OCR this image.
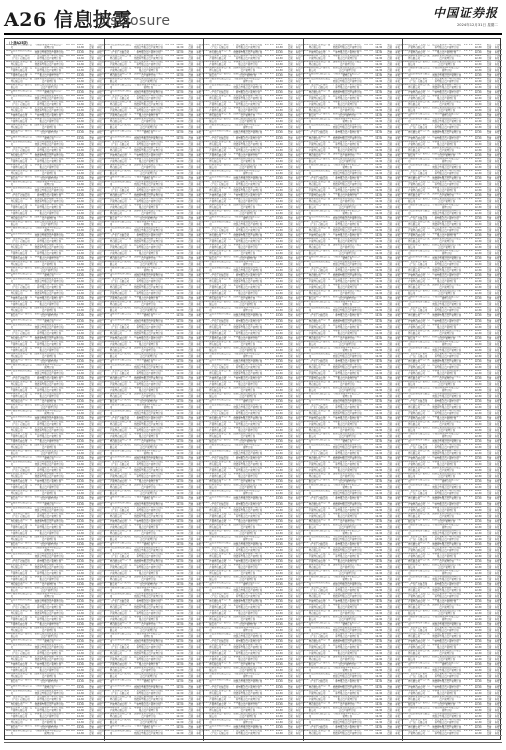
A26 信息披露
Disclosure	中国证券报
2024年12月31日 星期二
（上接A25版）
228 中邮证券有限责任公司
中邮证券聚享1号集合资产管理计划
0.0 0.0 2024-12-30
集合资管
中国证券报
228 中信证券股份有限公司
中信证券卓越成长两年持有期混合型集合资产管理计划
0.0 0.0 2024-12-30
集合资管
中国证券报
228 广发证券资产管理（广东）有限公司
广发资管乾利一年持有期债券型集合资产管理计划
0.0 0.0 2024-12-30
集合资管
中国证券报
228 东证融汇证券资产管理有限公司
东证融汇鑫享稳健一年持有期债券型集合资产管理计划
0.0 0.0 2024-12-30
集合资管
中国证券报
228 长江证券（上海）资产管理有限公司
长江资管乐享一年持有期债券型集合资产管理计划
0.0 0.0 2024-12-30
集合资管
中国证券报
228 华泰证券（上海）资产管理有限公司
华泰紫金月月发短债债券型集合资产管理计划
0.0 0.0 2024-12-30
集合资管
中国证券报
228 国泰君安证券资产管理有限公司
国泰君安君得明混合型集合资产管理计划
0.0 0.0 2024-12-30
集合资管
中国证券报
228 招商证券资产管理有限公司
招商资管智远成长混合型集合资产管理计划
0.0 0.0 2024-12-30
集合资管
中国证券报
228 中邮证券有限责任公司
中邮证券聚享1号集合资产管理计划
0.0 0.0 2024-12-30
集合资管
中国证券报
228 中信证券股份有限公司
中信证券卓越成长两年持有期混合型集合资产管理计划
0.0 0.0 2024-12-30
集合资管
中国证券报
228 广发证券资产管理（广东）有限公司
广发资管乾利一年持有期债券型集合资产管理计划
0.0 0.0 2024-12-30
集合资管
中国证券报
228 东证融汇证券资产管理有限公司
东证融汇鑫享稳健一年持有期债券型集合资产管理计划
0.0 0.0 2024-12-30
集合资管
中国证券报
228 长江证券（上海）资产管理有限公司
长江资管乐享一年持有期债券型集合资产管理计划
0.0 0.0 2024-12-30
集合资管
中国证券报
228 华泰证券（上海）资产管理有限公司
华泰紫金月月发短债债券型集合资产管理计划
0.0 0.0 2024-12-30
集合资管
中国证券报
228 国泰君安证券资产管理有限公司
国泰君安君得明混合型集合资产管理计划
0.0 0.0 2024-12-30
集合资管
中国证券报
228 招商证券资产管理有限公司
招商资管智远成长混合型集合资产管理计划
0.0 0.0 2024-12-30
集合资管
中国证券报
228 中邮证券有限责任公司
中邮证券聚享1号集合资产管理计划
0.0 0.0 2024-12-30
集合资管
中国证券报
228 中信证券股份有限公司
中信证券卓越成长两年持有期混合型集合资产管理计划
0.0 0.0 2024-12-30
集合资管
中国证券报
228 广发证券资产管理（广东）有限公司
广发资管乾利一年持有期债券型集合资产管理计划
0.0 0.0 2024-12-30
集合资管
中国证券报
228 东证融汇证券资产管理有限公司
东证融汇鑫享稳健一年持有期债券型集合资产管理计划
0.0 0.0 2024-12-30
集合资管
中国证券报
228 长江证券（上海）资产管理有限公司
长江资管乐享一年持有期债券型集合资产管理计划
0.0 0.0 2024-12-30
集合资管
中国证券报
228 华泰证券（上海）资产管理有限公司
华泰紫金月月发短债债券型集合资产管理计划
0.0 0.0 2024-12-30
集合资管
中国证券报
228 国泰君安证券资产管理有限公司
国泰君安君得明混合型集合资产管理计划
0.0 0.0 2024-12-30
集合资管
中国证券报
228 招商证券资产管理有限公司
招商资管智远成长混合型集合资产管理计划
0.0 0.0 2024-12-30
集合资管
中国证券报
228 中邮证券有限责任公司
中邮证券聚享1号集合资产管理计划
0.0 0.0 2024-12-30
集合资管
中国证券报
228 中信证券股份有限公司
中信证券卓越成长两年持有期混合型集合资产管理计划
0.0 0.0 2024-12-30
集合资管
中国证券报
228 广发证券资产管理（广东）有限公司
广发资管乾利一年持有期债券型集合资产管理计划
0.0 0.0 2024-12-30
集合资管
中国证券报
228 东证融汇证券资产管理有限公司
东证融汇鑫享稳健一年持有期债券型集合资产管理计划
0.0 0.0 2024-12-30
集合资管
中国证券报
228 长江证券（上海）资产管理有限公司
长江资管乐享一年持有期债券型集合资产管理计划
0.0 0.0 2024-12-30
集合资管
中国证券报
228 华泰证券（上海）资产管理有限公司
华泰紫金月月发短债债券型集合资产管理计划
0.0 0.0 2024-12-30
集合资管
中国证券报
228 国泰君安证券资产管理有限公司
国泰君安君得明混合型集合资产管理计划
0.0 0.0 2024-12-30
集合资管
中国证券报
228 招商证券资产管理有限公司
招商资管智远成长混合型集合资产管理计划
0.0 0.0 2024-12-30
集合资管
中国证券报
228 中邮证券有限责任公司
中邮证券聚享1号集合资产管理计划
0.0 0.0 2024-12-30
集合资管
中国证券报
228 中信证券股份有限公司
中信证券卓越成长两年持有期混合型集合资产管理计划
0.0 0.0 2024-12-30
集合资管
中国证券报
228 广发证券资产管理（广东）有限公司
广发资管乾利一年持有期债券型集合资产管理计划
0.0 0.0 2024-12-30
集合资管
中国证券报
228 东证融汇证券资产管理有限公司
东证融汇鑫享稳健一年持有期债券型集合资产管理计划
0.0 0.0 2024-12-30
集合资管
中国证券报
228 长江证券（上海）资产管理有限公司
长江资管乐享一年持有期债券型集合资产管理计划
0.0 0.0 2024-12-30
集合资管
中国证券报
228 华泰证券（上海）资产管理有限公司
华泰紫金月月发短债债券型集合资产管理计划
0.0 0.0 2024-12-30
集合资管
中国证券报
228 国泰君安证券资产管理有限公司
国泰君安君得明混合型集合资产管理计划
0.0 0.0 2024-12-30
集合资管
中国证券报
228 招商证券资产管理有限公司
招商资管智远成长混合型集合资产管理计划
0.0 0.0 2024-12-30
集合资管
中国证券报
228 中邮证券有限责任公司
中邮证券聚享1号集合资产管理计划
0.0 0.0 2024-12-30
集合资管
中国证券报
228 中信证券股份有限公司
中信证券卓越成长两年持有期混合型集合资产管理计划
0.0 0.0 2024-12-30
集合资管
中国证券报
228 广发证券资产管理（广东）有限公司
广发资管乾利一年持有期债券型集合资产管理计划
0.0 0.0 2024-12-30
集合资管
中国证券报
228 东证融汇证券资产管理有限公司
东证融汇鑫享稳健一年持有期债券型集合资产管理计划
0.0 0.0 2024-12-30
集合资管
中国证券报
228 长江证券（上海）资产管理有限公司
长江资管乐享一年持有期债券型集合资产管理计划
0.0 0.0 2024-12-30
集合资管
中国证券报
228 华泰证券（上海）资产管理有限公司
华泰紫金月月发短债债券型集合资产管理计划
0.0 0.0 2024-12-30
集合资管
中国证券报
228 国泰君安证券资产管理有限公司
国泰君安君得明混合型集合资产管理计划
0.0 0.0 2024-12-30
集合资管
中国证券报
228 招商证券资产管理有限公司
招商资管智远成长混合型集合资产管理计划
0.0 0.0 2024-12-30
集合资管
中国证券报
228 中邮证券有限责任公司
中邮证券聚享1号集合资产管理计划
0.0 0.0 2024-12-30
集合资管
中国证券报
228 中信证券股份有限公司
中信证券卓越成长两年持有期混合型集合资产管理计划
0.0 0.0 2024-12-30
集合资管
中国证券报
228 广发证券资产管理（广东）有限公司
广发资管乾利一年持有期债券型集合资产管理计划
0.0 0.0 2024-12-30
集合资管
中国证券报
228 东证融汇证券资产管理有限公司
东证融汇鑫享稳健一年持有期债券型集合资产管理计划
0.0 0.0 2024-12-30
集合资管
中国证券报
228 长江证券（上海）资产管理有限公司
长江资管乐享一年持有期债券型集合资产管理计划
0.0 0.0 2024-12-30
集合资管
中国证券报
228 华泰证券（上海）资产管理有限公司
华泰紫金月月发短债债券型集合资产管理计划
0.0 0.0 2024-12-30
集合资管
中国证券报
228 国泰君安证券资产管理有限公司
国泰君安君得明混合型集合资产管理计划
0.0 0.0 2024-12-30
集合资管
中国证券报
228 招商证券资产管理有限公司
招商资管智远成长混合型集合资产管理计划
0.0 0.0 2024-12-30
集合资管
中国证券报
228 中邮证券有限责任公司
中邮证券聚享1号集合资产管理计划
0.0 0.0 2024-12-30
集合资管
中国证券报
228 中信证券股份有限公司
中信证券卓越成长两年持有期混合型集合资产管理计划
0.0 0.0 2024-12-30
集合资管
中国证券报
228 广发证券资产管理（广东）有限公司
广发资管乾利一年持有期债券型集合资产管理计划
0.0 0.0 2024-12-30
集合资管
中国证券报
228 东证融汇证券资产管理有限公司
东证融汇鑫享稳健一年持有期债券型集合资产管理计划
0.0 0.0 2024-12-30
集合资管
中国证券报
228 长江证券（上海）资产管理有限公司
长江资管乐享一年持有期债券型集合资产管理计划
0.0 0.0 2024-12-30
集合资管
中国证券报
228 华泰证券（上海）资产管理有限公司
华泰紫金月月发短债债券型集合资产管理计划
0.0 0.0 2024-12-30
集合资管
中国证券报
228 国泰君安证券资产管理有限公司
国泰君安君得明混合型集合资产管理计划
0.0 0.0 2024-12-30
集合资管
中国证券报
228 招商证券资产管理有限公司
招商资管智远成长混合型集合资产管理计划
0.0 0.0 2024-12-30
集合资管
中国证券报
228 中邮证券有限责任公司
中邮证券聚享1号集合资产管理计划
0.0 0.0 2024-12-30
集合资管
中国证券报
228 中信证券股份有限公司
中信证券卓越成长两年持有期混合型集合资产管理计划
0.0 0.0 2024-12-30
集合资管
中国证券报
228 广发证券资产管理（广东）有限公司
广发资管乾利一年持有期债券型集合资产管理计划
0.0 0.0 2024-12-30
集合资管
中国证券报
228 东证融汇证券资产管理有限公司
东证融汇鑫享稳健一年持有期债券型集合资产管理计划
0.0 0.0 2024-12-30
集合资管
中国证券报
228 长江证券（上海）资产管理有限公司
长江资管乐享一年持有期债券型集合资产管理计划
0.0 0.0 2024-12-30
集合资管
中国证券报
228 华泰证券（上海）资产管理有限公司
华泰紫金月月发短债债券型集合资产管理计划
0.0 0.0 2024-12-30
集合资管
中国证券报
228 国泰君安证券资产管理有限公司
国泰君安君得明混合型集合资产管理计划
0.0 0.0 2024-12-30
集合资管
中国证券报
228 招商证券资产管理有限公司
招商资管智远成长混合型集合资产管理计划
0.0 0.0 2024-12-30
集合资管
中国证券报
228 中邮证券有限责任公司
中邮证券聚享1号集合资产管理计划
0.0 0.0 2024-12-30
集合资管
中国证券报
228 中信证券股份有限公司
中信证券卓越成长两年持有期混合型集合资产管理计划
0.0 0.0 2024-12-30
集合资管
中国证券报
228 广发证券资产管理（广东）有限公司
广发资管乾利一年持有期债券型集合资产管理计划
0.0 0.0 2024-12-30
集合资管
中国证券报
228 东证融汇证券资产管理有限公司
东证融汇鑫享稳健一年持有期债券型集合资产管理计划
0.0 0.0 2024-12-30
集合资管
中国证券报
228 长江证券（上海）资产管理有限公司
长江资管乐享一年持有期债券型集合资产管理计划
0.0 0.0 2024-12-30
集合资管
中国证券报
228 华泰证券（上海）资产管理有限公司
华泰紫金月月发短债债券型集合资产管理计划
0.0 0.0 2024-12-30
集合资管
中国证券报
228 国泰君安证券资产管理有限公司
国泰君安君得明混合型集合资产管理计划
0.0 0.0 2024-12-30
集合资管
中国证券报
228 招商证券资产管理有限公司
招商资管智远成长混合型集合资产管理计划
0.0 0.0 2024-12-30
集合资管
中国证券报
228 中邮证券有限责任公司
中邮证券聚享1号集合资产管理计划
0.0 0.0 2024-12-30
集合资管
中国证券报
228 中信证券股份有限公司
中信证券卓越成长两年持有期混合型集合资产管理计划
0.0 0.0 2024-12-30
集合资管
中国证券报
228 广发证券资产管理（广东）有限公司
广发资管乾利一年持有期债券型集合资产管理计划
0.0 0.0 2024-12-30
集合资管
中国证券报
228 东证融汇证券资产管理有限公司
东证融汇鑫享稳健一年持有期债券型集合资产管理计划
0.0 0.0 2024-12-30
集合资管
中国证券报
228 长江证券（上海）资产管理有限公司
长江资管乐享一年持有期债券型集合资产管理计划
0.0 0.0 2024-12-30
集合资管
中国证券报
228 华泰证券（上海）资产管理有限公司
华泰紫金月月发短债债券型集合资产管理计划
0.0 0.0 2024-12-30
集合资管
中国证券报
228 国泰君安证券资产管理有限公司
国泰君安君得明混合型集合资产管理计划
0.0 0.0 2024-12-30
集合资管
中国证券报
228 招商证券资产管理有限公司
招商资管智远成长混合型集合资产管理计划
0.0 0.0 2024-12-30
集合资管
中国证券报
228 中邮证券有限责任公司
中邮证券聚享1号集合资产管理计划
0.0 0.0 2024-12-30
集合资管
中国证券报
228 中信证券股份有限公司
中信证券卓越成长两年持有期混合型集合资产管理计划
0.0 0.0 2024-12-30
集合资管
中国证券报
228 广发证券资产管理（广东）有限公司
广发资管乾利一年持有期债券型集合资产管理计划
0.0 0.0 2024-12-30
集合资管
中国证券报
228 东证融汇证券资产管理有限公司
东证融汇鑫享稳健一年持有期债券型集合资产管理计划
0.0 0.0 2024-12-30
集合资管
中国证券报
228 长江证券（上海）资产管理有限公司
长江资管乐享一年持有期债券型集合资产管理计划
0.0 0.0 2024-12-30
集合资管
中国证券报
228 华泰证券（上海）资产管理有限公司
华泰紫金月月发短债债券型集合资产管理计划
0.0 0.0 2024-12-30
集合资管
中国证券报
228 国泰君安证券资产管理有限公司
国泰君安君得明混合型集合资产管理计划
0.0 0.0 2024-12-30
集合资管
中国证券报
228 招商证券资产管理有限公司
招商资管智远成长混合型集合资产管理计划
0.0 0.0 2024-12-30
集合资管
中国证券报
228 中邮证券有限责任公司
中邮证券聚享1号集合资产管理计划
0.0 0.0 2024-12-30
集合资管
中国证券报
228 中信证券股份有限公司
中信证券卓越成长两年持有期混合型集合资产管理计划
0.0 0.0 2024-12-30
集合资管
中国证券报
228 广发证券资产管理（广东）有限公司
广发资管乾利一年持有期债券型集合资产管理计划
0.0 0.0 2024-12-30
集合资管
中国证券报
228 东证融汇证券资产管理有限公司
东证融汇鑫享稳健一年持有期债券型集合资产管理计划
0.0 0.0 2024-12-30
集合资管
中国证券报
228 长江证券（上海）资产管理有限公司
长江资管乐享一年持有期债券型集合资产管理计划
0.0 0.0 2024-12-30
集合资管
中国证券报
228 华泰证券（上海）资产管理有限公司
华泰紫金月月发短债债券型集合资产管理计划
0.0 0.0 2024-12-30
集合资管
中国证券报
228 国泰君安证券资产管理有限公司
国泰君安君得明混合型集合资产管理计划
0.0 0.0 2024-12-30
集合资管
中国证券报
228 招商证券资产管理有限公司
招商资管智远成长混合型集合资产管理计划
0.0 0.0 2024-12-30
集合资管
中国证券报
228 中邮证券有限责任公司
中邮证券聚享1号集合资产管理计划
0.0 0.0 2024-12-30
集合资管
中国证券报
228 中信证券股份有限公司
中信证券卓越成长两年持有期混合型集合资产管理计划
0.0 0.0 2024-12-30
集合资管
中国证券报
228 广发证券资产管理（广东）有限公司
广发资管乾利一年持有期债券型集合资产管理计划
0.0 0.0 2024-12-30
集合资管
中国证券报
228 东证融汇证券资产管理有限公司
东证融汇鑫享稳健一年持有期债券型集合资产管理计划
0.0 0.0 2024-12-30
集合资管
中国证券报
228 长江证券（上海）资产管理有限公司
长江资管乐享一年持有期债券型集合资产管理计划
0.0 0.0 2024-12-30
集合资管
中国证券报
228 华泰证券（上海）资产管理有限公司
华泰紫金月月发短债债券型集合资产管理计划
0.0 0.0 2024-12-30
集合资管
中国证券报
228 国泰君安证券资产管理有限公司
国泰君安君得明混合型集合资产管理计划
0.0 0.0 2024-12-30
集合资管
中国证券报
228 招商证券资产管理有限公司
招商资管智远成长混合型集合资产管理计划
0.0 0.0 2024-12-30
集合资管
中国证券报
228 中邮证券有限责任公司
中邮证券聚享1号集合资产管理计划
0.0 0.0 2024-12-30
集合资管
中国证券报
228 中信证券股份有限公司
中信证券卓越成长两年持有期混合型集合资产管理计划
0.0 0.0 2024-12-30
集合资管
中国证券报
228 广发证券资产管理（广东）有限公司
广发资管乾利一年持有期债券型集合资产管理计划
0.0 0.0 2024-12-30
集合资管
中国证券报
228 东证融汇证券资产管理有限公司
东证融汇鑫享稳健一年持有期债券型集合资产管理计划
0.0 0.0 2024-12-30
集合资管
中国证券报
228 长江证券（上海）资产管理有限公司
长江资管乐享一年持有期债券型集合资产管理计划
0.0 0.0 2024-12-30
集合资管
中国证券报
228 华泰证券（上海）资产管理有限公司
华泰紫金月月发短债债券型集合资产管理计划
0.0 0.0 2024-12-30
集合资管
中国证券报
228 国泰君安证券资产管理有限公司
国泰君安君得明混合型集合资产管理计划
0.0 0.0 2024-12-30
集合资管
中国证券报
228 招商证券资产管理有限公司
招商资管智远成长混合型集合资产管理计划
0.0 0.0 2024-12-30
集合资管
中国证券报
228 中邮证券有限责任公司
中邮证券聚享1号集合资产管理计划
0.0 0.0 2024-12-30
集合资管
中国证券报
228 中信证券股份有限公司
中信证券卓越成长两年持有期混合型集合资产管理计划
0.0 0.0 2024-12-30
集合资管
中国证券报
228 广发证券资产管理（广东）有限公司
广发资管乾利一年持有期债券型集合资产管理计划
0.0 0.0 2024-12-30
集合资管
中国证券报
228 东证融汇证券资产管理有限公司
东证融汇鑫享稳健一年持有期债券型集合资产管理计划
0.0 0.0 2024-12-30
集合资管
中国证券报
228 长江证券（上海）资产管理有限公司
长江资管乐享一年持有期债券型集合资产管理计划
0.0 0.0 2024-12-30
集合资管
中国证券报
228 华泰证券（上海）资产管理有限公司
华泰紫金月月发短债债券型集合资产管理计划
0.0 0.0 2024-12-30
集合资管
中国证券报
228 国泰君安证券资产管理有限公司
国泰君安君得明混合型集合资产管理计划
0.0 0.0 2024-12-30
集合资管
中国证券报
228 招商证券资产管理有限公司
招商资管智远成长混合型集合资产管理计划
0.0 0.0 2024-12-30
集合资管
中国证券报
228 中邮证券有限责任公司
中邮证券聚享1号集合资产管理计划
0.0 0.0 2024-12-30
集合资管
中国证券报
228 中信证券股份有限公司
中信证券卓越成长两年持有期混合型集合资产管理计划
0.0 0.0 2024-12-30
集合资管
中国证券报
228 广发证券资产管理（广东）有限公司
广发资管乾利一年持有期债券型集合资产管理计划
0.0 0.0 2024-12-30
集合资管
中国证券报
228 东证融汇证券资产管理有限公司
东证融汇鑫享稳健一年持有期债券型集合资产管理计划
0.0 0.0 2024-12-30
集合资管
中国证券报
228 长江证券（上海）资产管理有限公司
长江资管乐享一年持有期债券型集合资产管理计划
0.0 0.0 2024-12-30
集合资管
中国证券报
228 华泰证券（上海）资产管理有限公司
华泰紫金月月发短债债券型集合资产管理计划
0.0 0.0 2024-12-30
集合资管
中国证券报
228 国泰君安证券资产管理有限公司
国泰君安君得明混合型集合资产管理计划
0.0 0.0 2024-12-30
集合资管
中国证券报
228 招商证券资产管理有限公司
招商资管智远成长混合型集合资产管理计划
0.0 0.0 2024-12-30
集合资管
中国证券报
228 中邮证券有限责任公司
中邮证券聚享1号集合资产管理计划
0.0 0.0 2024-12-30
集合资管
中国证券报
228 中信证券股份有限公司
中信证券卓越成长两年持有期混合型集合资产管理计划
0.0 0.0 2024-12-30
集合资管
中国证券报
228 广发证券资产管理（广东）有限公司
广发资管乾利一年持有期债券型集合资产管理计划
0.0 0.0 2024-12-30
集合资管
中国证券报
228 东证融汇证券资产管理有限公司
东证融汇鑫享稳健一年持有期债券型集合资产管理计划
0.0 0.0 2024-12-30
集合资管
中国证券报
228 长江证券（上海）资产管理有限公司
长江资管乐享一年持有期债券型集合资产管理计划
0.0 0.0 2024-12-30
集合资管
中国证券报
228 华泰证券（上海）资产管理有限公司
华泰紫金月月发短债债券型集合资产管理计划
0.0 0.0 2024-12-30
集合资管
中国证券报
228 国泰君安证券资产管理有限公司
国泰君安君得明混合型集合资产管理计划
0.0 0.0 2024-12-30
集合资管
中国证券报
228 招商证券资产管理有限公司
招商资管智远成长混合型集合资产管理计划
0.0 0.0 2024-12-30
集合资管
中国证券报
228 中邮证券有限责任公司
中邮证券聚享1号集合资产管理计划
0.0 0.0 2024-12-30
集合资管
中国证券报
228 中信证券股份有限公司
中信证券卓越成长两年持有期混合型集合资产管理计划
0.0 0.0 2024-12-30
集合资管
中国证券报
228 广发证券资产管理（广东）有限公司
广发资管乾利一年持有期债券型集合资产管理计划
0.0 0.0 2024-12-30
集合资管
中国证券报
228 东证融汇证券资产管理有限公司
东证融汇鑫享稳健一年持有期债券型集合资产管理计划
0.0 0.0 2024-12-30
集合资管
中国证券报
228 长江证券（上海）资产管理有限公司
长江资管乐享一年持有期债券型集合资产管理计划
0.0 0.0 2024-12-30
集合资管
中国证券报
228 华泰证券（上海）资产管理有限公司
华泰紫金月月发短债债券型集合资产管理计划
0.0 0.0 2024-12-30
集合资管
中国证券报
228 国泰君安证券资产管理有限公司
国泰君安君得明混合型集合资产管理计划
0.0 0.0 2024-12-30
集合资管
中国证券报
228 招商证券资产管理有限公司
招商资管智远成长混合型集合资产管理计划
0.0 0.0 2024-12-30
集合资管
中国证券报
228 中邮证券有限责任公司
中邮证券聚享1号集合资产管理计划
0.0 0.0 2024-12-30
集合资管
中国证券报
228 中信证券股份有限公司
中信证券卓越成长两年持有期混合型集合资产管理计划
0.0 0.0 2024-12-30
集合资管
中国证券报
228 广发证券资产管理（广东）有限公司
广发资管乾利一年持有期债券型集合资产管理计划
0.0 0.0 2024-12-30
集合资管
中国证券报
228 东证融汇证券资产管理有限公司
东证融汇鑫享稳健一年持有期债券型集合资产管理计划
0.0 0.0 2024-12-30
集合资管
中国证券报
228 长江证券（上海）资产管理有限公司
长江资管乐享一年持有期债券型集合资产管理计划
0.0 0.0 2024-12-30
集合资管
中国证券报
228 华泰证券（上海）资产管理有限公司
华泰紫金月月发短债债券型集合资产管理计划
0.0 0.0 2024-12-30
集合资管
中国证券报
228 国泰君安证券资产管理有限公司
国泰君安君得明混合型集合资产管理计划
0.0 0.0 2024-12-30
集合资管
中国证券报
228 招商证券资产管理有限公司
招商资管智远成长混合型集合资产管理计划
0.0 0.0 2024-12-30
集合资管
中国证券报
228 中邮证券有限责任公司
中邮证券聚享1号集合资产管理计划
0.0 0.0 2024-12-30
集合资管
中国证券报
228 中信证券股份有限公司
中信证券卓越成长两年持有期混合型集合资产管理计划
0.0 0.0 2024-12-30
集合资管
中国证券报
228 广发证券资产管理（广东）有限公司
广发资管乾利一年持有期债券型集合资产管理计划
0.0 0.0 2024-12-30
集合资管
中国证券报
228 东证融汇证券资产管理有限公司
东证融汇鑫享稳健一年持有期债券型集合资产管理计划
0.0 0.0 2024-12-30
集合资管
中国证券报
228 长江证券（上海）资产管理有限公司
长江资管乐享一年持有期债券型集合资产管理计划
0.0 0.0 2024-12-30
集合资管
中国证券报
228 华泰证券（上海）资产管理有限公司
华泰紫金月月发短债债券型集合资产管理计划
0.0 0.0 2024-12-30
集合资管
中国证券报
228 国泰君安证券资产管理有限公司
国泰君安君得明混合型集合资产管理计划
0.0 0.0 2024-12-30
集合资管
中国证券报
228 招商证券资产管理有限公司
招商资管智远成长混合型集合资产管理计划
0.0 0.0 2024-12-30
集合资管
中国证券报
228 中邮证券有限责任公司
中邮证券聚享1号集合资产管理计划
0.0 0.0 2024-12-30
集合资管
中国证券报
228 中信证券股份有限公司
中信证券卓越成长两年持有期混合型集合资产管理计划
0.0 0.0 2024-12-30
集合资管
中国证券报
228 广发证券资产管理（广东）有限公司
广发资管乾利一年持有期债券型集合资产管理计划
0.0 0.0 2024-12-30
集合资管
中国证券报
228 东证融汇证券资产管理有限公司
东证融汇鑫享稳健一年持有期债券型集合资产管理计划
0.0 0.0 2024-12-30
集合资管
中国证券报
228 长江证券（上海）资产管理有限公司
长江资管乐享一年持有期债券型集合资产管理计划
0.0 0.0 2024-12-30
集合资管
中国证券报
228 华泰证券（上海）资产管理有限公司
华泰紫金月月发短债债券型集合资产管理计划
0.0 0.0 2024-12-30
集合资管
中国证券报
228 国泰君安证券资产管理有限公司
国泰君安君得明混合型集合资产管理计划
0.0 0.0 2024-12-30
集合资管
中国证券报
228 招商证券资产管理有限公司
招商资管智远成长混合型集合资产管理计划
0.0 0.0 2024-12-30
集合资管
中国证券报
228 中邮证券有限责任公司
中邮证券聚享1号集合资产管理计划
0.0 0.0 2024-12-30
集合资管
中国证券报
228 中信证券股份有限公司
中信证券卓越成长两年持有期混合型集合资产管理计划
0.0 0.0 2024-12-30
集合资管
中国证券报
228 广发证券资产管理（广东）有限公司
广发资管乾利一年持有期债券型集合资产管理计划
0.0 0.0 2024-12-30
集合资管
中国证券报
228 东证融汇证券资产管理有限公司
东证融汇鑫享稳健一年持有期债券型集合资产管理计划
0.0 0.0 2024-12-30
集合资管
中国证券报
228 长江证券（上海）资产管理有限公司
长江资管乐享一年持有期债券型集合资产管理计划
0.0 0.0 2024-12-30
集合资管
中国证券报
228 华泰证券（上海）资产管理有限公司
华泰紫金月月发短债债券型集合资产管理计划
0.0 0.0 2024-12-30
集合资管
中国证券报
228 国泰君安证券资产管理有限公司
国泰君安君得明混合型集合资产管理计划
0.0 0.0 2024-12-30
集合资管
中国证券报
228 招商证券资产管理有限公司
招商资管智远成长混合型集合资产管理计划
0.0 0.0 2024-12-30
集合资管
中国证券报
228 中邮证券有限责任公司
中邮证券聚享1号集合资产管理计划
0.0 0.0 2024-12-30
集合资管
中国证券报
228 中信证券股份有限公司
中信证券卓越成长两年持有期混合型集合资产管理计划
0.0 0.0 2024-12-30
集合资管
中国证券报
228 广发证券资产管理（广东）有限公司
广发资管乾利一年持有期债券型集合资产管理计划
0.0 0.0 2024-12-30
集合资管
中国证券报
228 东证融汇证券资产管理有限公司
东证融汇鑫享稳健一年持有期债券型集合资产管理计划
0.0 0.0 2024-12-30
集合资管
中国证券报
228 长江证券（上海）资产管理有限公司
长江资管乐享一年持有期债券型集合资产管理计划
0.0 0.0 2024-12-30
集合资管
中国证券报
228 华泰证券（上海）资产管理有限公司
华泰紫金月月发短债债券型集合资产管理计划
0.0 0.0 2024-12-30
集合资管
中国证券报
228 国泰君安证券资产管理有限公司
国泰君安君得明混合型集合资产管理计划
0.0 0.0 2024-12-30
集合资管
中国证券报
228 招商证券资产管理有限公司
招商资管智远成长混合型集合资产管理计划
0.0 0.0 2024-12-30
集合资管
中国证券报
228 中邮证券有限责任公司
中邮证券聚享1号集合资产管理计划
0.0 0.0 2024-12-30
集合资管
中国证券报
228 中信证券股份有限公司
中信证券卓越成长两年持有期混合型集合资产管理计划
0.0 0.0 2024-12-30
集合资管
中国证券报
228 广发证券资产管理（广东）有限公司
广发资管乾利一年持有期债券型集合资产管理计划
0.0 0.0 2024-12-30
集合资管
中国证券报
228 东证融汇证券资产管理有限公司
东证融汇鑫享稳健一年持有期债券型集合资产管理计划
0.0 0.0 2024-12-30
集合资管
中国证券报
228 长江证券（上海）资产管理有限公司
长江资管乐享一年持有期债券型集合资产管理计划
0.0 0.0 2024-12-30
集合资管
中国证券报
228 华泰证券（上海）资产管理有限公司
华泰紫金月月发短债债券型集合资产管理计划
0.0 0.0 2024-12-30
集合资管
中国证券报
228 国泰君安证券资产管理有限公司
国泰君安君得明混合型集合资产管理计划
0.0 0.0 2024-12-30
集合资管
中国证券报
228 招商证券资产管理有限公司
招商资管智远成长混合型集合资产管理计划
0.0 0.0 2024-12-30
集合资管
中国证券报
228 中邮证券有限责任公司
中邮证券聚享1号集合资产管理计划
0.0 0.0 2024-12-30
集合资管
中国证券报
228 中信证券股份有限公司
中信证券卓越成长两年持有期混合型集合资产管理计划
0.0 0.0 2024-12-30
集合资管
中国证券报
228 广发证券资产管理（广东）有限公司
广发资管乾利一年持有期债券型集合资产管理计划
0.0 0.0 2024-12-30
集合资管
中国证券报
228 东证融汇证券资产管理有限公司
东证融汇鑫享稳健一年持有期债券型集合资产管理计划
0.0 0.0 2024-12-30
集合资管
中国证券报
228 长江证券（上海）资产管理有限公司
长江资管乐享一年持有期债券型集合资产管理计划
0.0 0.0 2024-12-30
集合资管
中国证券报
228 华泰证券（上海）资产管理有限公司
华泰紫金月月发短债债券型集合资产管理计划
0.0 0.0 2024-12-30
集合资管
中国证券报
228 国泰君安证券资产管理有限公司
国泰君安君得明混合型集合资产管理计划
0.0 0.0 2024-12-30
集合资管
中国证券报
228 招商证券资产管理有限公司
招商资管智远成长混合型集合资产管理计划
0.0 0.0 2024-12-30
集合资管
中国证券报
228 中邮证券有限责任公司
中邮证券聚享1号集合资产管理计划
0.0 0.0 2024-12-30
集合资管
中国证券报
228 中信证券股份有限公司
中信证券卓越成长两年持有期混合型集合资产管理计划
0.0 0.0 2024-12-30
集合资管
中国证券报
228 广发证券资产管理（广东）有限公司
广发资管乾利一年持有期债券型集合资产管理计划
0.0 0.0 2024-12-30
集合资管
中国证券报
228 东证融汇证券资产管理有限公司
东证融汇鑫享稳健一年持有期债券型集合资产管理计划
0.0 0.0 2024-12-30
集合资管
中国证券报
228 长江证券（上海）资产管理有限公司
长江资管乐享一年持有期债券型集合资产管理计划
0.0 0.0 2024-12-30
集合资管
中国证券报
228 华泰证券（上海）资产管理有限公司
华泰紫金月月发短债债券型集合资产管理计划
0.0 0.0 2024-12-30
集合资管
中国证券报
228 国泰君安证券资产管理有限公司
国泰君安君得明混合型集合资产管理计划
0.0 0.0 2024-12-30
集合资管
中国证券报
228 招商证券资产管理有限公司
招商资管智远成长混合型集合资产管理计划
0.0 0.0 2024-12-30
集合资管
中国证券报
228 中邮证券有限责任公司
中邮证券聚享1号集合资产管理计划
0.0 0.0 2024-12-30
集合资管
中国证券报
228 中信证券股份有限公司
中信证券卓越成长两年持有期混合型集合资产管理计划
0.0 0.0 2024-12-30
集合资管
中国证券报
228 广发证券资产管理（广东）有限公司
广发资管乾利一年持有期债券型集合资产管理计划
0.0 0.0 2024-12-30
集合资管
中国证券报
228 东证融汇证券资产管理有限公司
东证融汇鑫享稳健一年持有期债券型集合资产管理计划
0.0 0.0 2024-12-30
集合资管
中国证券报
228 长江证券（上海）资产管理有限公司
长江资管乐享一年持有期债券型集合资产管理计划
0.0 0.0 2024-12-30
集合资管
中国证券报
228 华泰证券（上海）资产管理有限公司
华泰紫金月月发短债债券型集合资产管理计划
0.0 0.0 2024-12-30
集合资管
中国证券报
228 国泰君安证券资产管理有限公司
国泰君安君得明混合型集合资产管理计划
0.0 0.0 2024-12-30
集合资管
中国证券报
228 招商证券资产管理有限公司
招商资管智远成长混合型集合资产管理计划
0.0 0.0 2024-12-30
集合资管
中国证券报
228 中邮证券有限责任公司
中邮证券聚享1号集合资产管理计划
0.0 0.0 2024-12-30
集合资管
中国证券报
228 中信证券股份有限公司
中信证券卓越成长两年持有期混合型集合资产管理计划
0.0 0.0 2024-12-30
集合资管
中国证券报
228 广发证券资产管理（广东）有限公司
广发资管乾利一年持有期债券型集合资产管理计划
0.0 0.0 2024-12-30
集合资管
中国证券报
228 东证融汇证券资产管理有限公司
东证融汇鑫享稳健一年持有期债券型集合资产管理计划
0.0 0.0 2024-12-30
集合资管
中国证券报
228 长江证券（上海）资产管理有限公司
长江资管乐享一年持有期债券型集合资产管理计划
0.0 0.0 2024-12-30
集合资管
中国证券报
228 华泰证券（上海）资产管理有限公司
华泰紫金月月发短债债券型集合资产管理计划
0.0 0.0 2024-12-30
集合资管
中国证券报
228 国泰君安证券资产管理有限公司
国泰君安君得明混合型集合资产管理计划
0.0 0.0 2024-12-30
集合资管
中国证券报
228 招商证券资产管理有限公司
招商资管智远成长混合型集合资产管理计划
0.0 0.0 2024-12-30
集合资管
中国证券报
228 中邮证券有限责任公司
中邮证券聚享1号集合资产管理计划
0.0 0.0 2024-12-30
集合资管
中国证券报
228 中信证券股份有限公司
中信证券卓越成长两年持有期混合型集合资产管理计划
0.0 0.0 2024-12-30
集合资管
中国证券报
228 广发证券资产管理（广东）有限公司
广发资管乾利一年持有期债券型集合资产管理计划
0.0 0.0 2024-12-30
集合资管
中国证券报
228 东证融汇证券资产管理有限公司
东证融汇鑫享稳健一年持有期债券型集合资产管理计划
0.0 0.0 2024-12-30
集合资管
中国证券报
228 长江证券（上海）资产管理有限公司
长江资管乐享一年持有期债券型集合资产管理计划
0.0 0.0 2024-12-30
集合资管
中国证券报
228 华泰证券（上海）资产管理有限公司
华泰紫金月月发短债债券型集合资产管理计划
0.0 0.0 2024-12-30
集合资管
中国证券报
228 国泰君安证券资产管理有限公司
国泰君安君得明混合型集合资产管理计划
0.0 0.0 2024-12-30
集合资管
中国证券报
228 招商证券资产管理有限公司
招商资管智远成长混合型集合资产管理计划
0.0 0.0 2024-12-30
集合资管
中国证券报
228 中邮证券有限责任公司
中邮证券聚享1号集合资产管理计划
0.0 0.0 2024-12-30
集合资管
中国证券报
228 中信证券股份有限公司
中信证券卓越成长两年持有期混合型集合资产管理计划
0.0 0.0 2024-12-30
集合资管
中国证券报
228 广发证券资产管理（广东）有限公司
广发资管乾利一年持有期债券型集合资产管理计划
0.0 0.0 2024-12-30
集合资管
中国证券报
228 东证融汇证券资产管理有限公司
东证融汇鑫享稳健一年持有期债券型集合资产管理计划
0.0 0.0 2024-12-30
集合资管
中国证券报
228 长江证券（上海）资产管理有限公司
长江资管乐享一年持有期债券型集合资产管理计划
0.0 0.0 2024-12-30
集合资管
中国证券报
228 华泰证券（上海）资产管理有限公司
华泰紫金月月发短债债券型集合资产管理计划
0.0 0.0 2024-12-30
集合资管
中国证券报
228 国泰君安证券资产管理有限公司
国泰君安君得明混合型集合资产管理计划
0.0 0.0 2024-12-30
集合资管
中国证券报
228 招商证券资产管理有限公司
招商资管智远成长混合型集合资产管理计划
0.0 0.0 2024-12-30
集合资管
中国证券报
228 中邮证券有限责任公司
中邮证券聚享1号集合资产管理计划
0.0 0.0 2024-12-30
集合资管
中国证券报
228 中信证券股份有限公司
中信证券卓越成长两年持有期混合型集合资产管理计划
0.0 0.0 2024-12-30
集合资管
中国证券报
228 广发证券资产管理（广东）有限公司
广发资管乾利一年持有期债券型集合资产管理计划
0.0 0.0 2024-12-30
集合资管
中国证券报
228 东证融汇证券资产管理有限公司
东证融汇鑫享稳健一年持有期债券型集合资产管理计划
0.0 0.0 2024-12-30
集合资管
中国证券报
228 长江证券（上海）资产管理有限公司
长江资管乐享一年持有期债券型集合资产管理计划
0.0 0.0 2024-12-30
集合资管
中国证券报
228 华泰证券（上海）资产管理有限公司
华泰紫金月月发短债债券型集合资产管理计划
0.0 0.0 2024-12-30
集合资管
中国证券报
228 国泰君安证券资产管理有限公司
国泰君安君得明混合型集合资产管理计划
0.0 0.0 2024-12-30
集合资管
中国证券报
228 招商证券资产管理有限公司
招商资管智远成长混合型集合资产管理计划
0.0 0.0 2024-12-30
集合资管
中国证券报
228 中邮证券有限责任公司
中邮证券聚享1号集合资产管理计划
0.0 0.0 2024-12-30
集合资管
中国证券报
228 中信证券股份有限公司
中信证券卓越成长两年持有期混合型集合资产管理计划
0.0 0.0 2024-12-30
集合资管
中国证券报
228 广发证券资产管理（广东）有限公司
广发资管乾利一年持有期债券型集合资产管理计划
0.0 0.0 2024-12-30
集合资管
中国证券报
228 东证融汇证券资产管理有限公司
东证融汇鑫享稳健一年持有期债券型集合资产管理计划
0.0 0.0 2024-12-30
集合资管
中国证券报
228 长江证券（上海）资产管理有限公司
长江资管乐享一年持有期债券型集合资产管理计划
0.0 0.0 2024-12-30
集合资管
中国证券报
228 华泰证券（上海）资产管理有限公司
华泰紫金月月发短债债券型集合资产管理计划
0.0 0.0 2024-12-30
集合资管
中国证券报
228 国泰君安证券资产管理有限公司
国泰君安君得明混合型集合资产管理计划
0.0 0.0 2024-12-30
集合资管
中国证券报
228 招商证券资产管理有限公司
招商资管智远成长混合型集合资产管理计划
0.0 0.0 2024-12-30
集合资管
中国证券报
228 中邮证券有限责任公司
中邮证券聚享1号集合资产管理计划
0.0 0.0 2024-12-30
集合资管
中国证券报
228 中信证券股份有限公司
中信证券卓越成长两年持有期混合型集合资产管理计划
0.0 0.0 2024-12-30
集合资管
中国证券报
228 广发证券资产管理（广东）有限公司
广发资管乾利一年持有期债券型集合资产管理计划
0.0 0.0 2024-12-30
集合资管
中国证券报
228 东证融汇证券资产管理有限公司
东证融汇鑫享稳健一年持有期债券型集合资产管理计划
0.0 0.0 2024-12-30
集合资管
中国证券报
228 长江证券（上海）资产管理有限公司
长江资管乐享一年持有期债券型集合资产管理计划
0.0 0.0 2024-12-30
集合资管
中国证券报
228 华泰证券（上海）资产管理有限公司
华泰紫金月月发短债债券型集合资产管理计划
0.0 0.0 2024-12-30
集合资管
中国证券报
228 国泰君安证券资产管理有限公司
国泰君安君得明混合型集合资产管理计划
0.0 0.0 2024-12-30
集合资管
中国证券报
228 招商证券资产管理有限公司
招商资管智远成长混合型集合资产管理计划
0.0 0.0 2024-12-30
集合资管
中国证券报
228 中邮证券有限责任公司
中邮证券聚享1号集合资产管理计划
0.0 0.0 2024-12-30
集合资管
中国证券报
228 中信证券股份有限公司
中信证券卓越成长两年持有期混合型集合资产管理计划
0.0 0.0 2024-12-30
集合资管
中国证券报
228 广发证券资产管理（广东）有限公司
广发资管乾利一年持有期债券型集合资产管理计划
0.0 0.0 2024-12-30
集合资管
中国证券报
228 东证融汇证券资产管理有限公司
东证融汇鑫享稳健一年持有期债券型集合资产管理计划
0.0 0.0 2024-12-30
集合资管
中国证券报
228 长江证券（上海）资产管理有限公司
长江资管乐享一年持有期债券型集合资产管理计划
0.0 0.0 2024-12-30
集合资管
中国证券报
228 华泰证券（上海）资产管理有限公司
华泰紫金月月发短债债券型集合资产管理计划
0.0 0.0 2024-12-30
集合资管
中国证券报
228 国泰君安证券资产管理有限公司
国泰君安君得明混合型集合资产管理计划
0.0 0.0 2024-12-30
集合资管
中国证券报
228 招商证券资产管理有限公司
招商资管智远成长混合型集合资产管理计划
0.0 0.0 2024-12-30
集合资管
中国证券报
228 中邮证券有限责任公司
中邮证券聚享1号集合资产管理计划
0.0 0.0 2024-12-30
集合资管
中国证券报
228 中信证券股份有限公司
中信证券卓越成长两年持有期混合型集合资产管理计划
0.0 0.0 2024-12-30
集合资管
中国证券报
228 广发证券资产管理（广东）有限公司
广发资管乾利一年持有期债券型集合资产管理计划
0.0 0.0 2024-12-30
集合资管
中国证券报
228 东证融汇证券资产管理有限公司
东证融汇鑫享稳健一年持有期债券型集合资产管理计划
0.0 0.0 2024-12-30
集合资管
中国证券报
228 长江证券（上海）资产管理有限公司
长江资管乐享一年持有期债券型集合资产管理计划
0.0 0.0 2024-12-30
集合资管
中国证券报
228 华泰证券（上海）资产管理有限公司
华泰紫金月月发短债债券型集合资产管理计划
0.0 0.0 2024-12-30
集合资管
中国证券报
228 国泰君安证券资产管理有限公司
国泰君安君得明混合型集合资产管理计划
0.0 0.0 2024-12-30
集合资管
中国证券报
228 招商证券资产管理有限公司
招商资管智远成长混合型集合资产管理计划
0.0 0.0 2024-12-30
集合资管
中国证券报
228 中邮证券有限责任公司
中邮证券聚享1号集合资产管理计划
0.0 0.0 2024-12-30
集合资管
中国证券报
228 中信证券股份有限公司
中信证券卓越成长两年持有期混合型集合资产管理计划
0.0 0.0 2024-12-30
集合资管
中国证券报
228 广发证券资产管理（广东）有限公司
广发资管乾利一年持有期债券型集合资产管理计划
0.0 0.0 2024-12-30
集合资管
中国证券报
228 东证融汇证券资产管理有限公司
东证融汇鑫享稳健一年持有期债券型集合资产管理计划
0.0 0.0 2024-12-30
集合资管
中国证券报
228 长江证券（上海）资产管理有限公司
长江资管乐享一年持有期债券型集合资产管理计划
0.0 0.0 2024-12-30
集合资管
中国证券报
228 华泰证券（上海）资产管理有限公司
华泰紫金月月发短债债券型集合资产管理计划
0.0 0.0 2024-12-30
集合资管
中国证券报
228 国泰君安证券资产管理有限公司
国泰君安君得明混合型集合资产管理计划
0.0 0.0 2024-12-30
集合资管
中国证券报
228 招商证券资产管理有限公司
招商资管智远成长混合型集合资产管理计划
0.0 0.0 2024-12-30
集合资管
中国证券报
228 中邮证券有限责任公司
中邮证券聚享1号集合资产管理计划
0.0 0.0 2024-12-30
集合资管
中国证券报
228 中信证券股份有限公司
中信证券卓越成长两年持有期混合型集合资产管理计划
0.0 0.0 2024-12-30
集合资管
中国证券报
228 广发证券资产管理（广东）有限公司
广发资管乾利一年持有期债券型集合资产管理计划
0.0 0.0 2024-12-30
集合资管
中国证券报
228 东证融汇证券资产管理有限公司
东证融汇鑫享稳健一年持有期债券型集合资产管理计划
0.0 0.0 2024-12-30
集合资管
中国证券报
228 长江证券（上海）资产管理有限公司
长江资管乐享一年持有期债券型集合资产管理计划
0.0 0.0 2024-12-30
集合资管
中国证券报
228 华泰证券（上海）资产管理有限公司
华泰紫金月月发短债债券型集合资产管理计划
0.0 0.0 2024-12-30
集合资管
中国证券报
228 国泰君安证券资产管理有限公司
国泰君安君得明混合型集合资产管理计划
0.0 0.0 2024-12-30
集合资管
中国证券报
228 招商证券资产管理有限公司
招商资管智远成长混合型集合资产管理计划
0.0 0.0 2024-12-30
集合资管
中国证券报
228 中邮证券有限责任公司
中邮证券聚享1号集合资产管理计划
0.0 0.0 2024-12-30
集合资管
中国证券报
228 中信证券股份有限公司
中信证券卓越成长两年持有期混合型集合资产管理计划
0.0 0.0 2024-12-30
集合资管
中国证券报
228 广发证券资产管理（广东）有限公司
广发资管乾利一年持有期债券型集合资产管理计划
0.0 0.0 2024-12-30
集合资管
中国证券报
228 东证融汇证券资产管理有限公司
东证融汇鑫享稳健一年持有期债券型集合资产管理计划
0.0 0.0 2024-12-30
集合资管
中国证券报
228 长江证券（上海）资产管理有限公司
长江资管乐享一年持有期债券型集合资产管理计划
0.0 0.0 2024-12-30
集合资管
中国证券报
228 华泰证券（上海）资产管理有限公司
华泰紫金月月发短债债券型集合资产管理计划
0.0 0.0 2024-12-30
集合资管
中国证券报
228 国泰君安证券资产管理有限公司
国泰君安君得明混合型集合资产管理计划
0.0 0.0 2024-12-30
集合资管
中国证券报
228 招商证券资产管理有限公司
招商资管智远成长混合型集合资产管理计划
0.0 0.0 2024-12-30
集合资管
中国证券报
228 中邮证券有限责任公司
中邮证券聚享1号集合资产管理计划
0.0 0.0 2024-12-30
集合资管
中国证券报
228 中信证券股份有限公司
中信证券卓越成长两年持有期混合型集合资产管理计划
0.0 0.0 2024-12-30
集合资管
中国证券报
228 广发证券资产管理（广东）有限公司
广发资管乾利一年持有期债券型集合资产管理计划
0.0 0.0 2024-12-30
集合资管
中国证券报
228 东证融汇证券资产管理有限公司
东证融汇鑫享稳健一年持有期债券型集合资产管理计划
0.0 0.0 2024-12-30
集合资管
中国证券报
228 长江证券（上海）资产管理有限公司
长江资管乐享一年持有期债券型集合资产管理计划
0.0 0.0 2024-12-30
集合资管
中国证券报
228 华泰证券（上海）资产管理有限公司
华泰紫金月月发短债债券型集合资产管理计划
0.0 0.0 2024-12-30
集合资管
中国证券报
228 国泰君安证券资产管理有限公司
国泰君安君得明混合型集合资产管理计划
0.0 0.0 2024-12-30
集合资管
中国证券报
228 招商证券资产管理有限公司
招商资管智远成长混合型集合资产管理计划
0.0 0.0 2024-12-30
集合资管
中国证券报
228 中邮证券有限责任公司
中邮证券聚享1号集合资产管理计划
0.0 0.0 2024-12-30
集合资管
中国证券报
228 中信证券股份有限公司
中信证券卓越成长两年持有期混合型集合资产管理计划
0.0 0.0 2024-12-30
集合资管
中国证券报
228 广发证券资产管理（广东）有限公司
广发资管乾利一年持有期债券型集合资产管理计划
0.0 0.0 2024-12-30
集合资管
中国证券报
228 东证融汇证券资产管理有限公司
东证融汇鑫享稳健一年持有期债券型集合资产管理计划
0.0 0.0 2024-12-30
集合资管
中国证券报
228 长江证券（上海）资产管理有限公司
长江资管乐享一年持有期债券型集合资产管理计划
0.0 0.0 2024-12-30
集合资管
中国证券报
228 华泰证券（上海）资产管理有限公司
华泰紫金月月发短债债券型集合资产管理计划
0.0 0.0 2024-12-30
集合资管
中国证券报
228 国泰君安证券资产管理有限公司
国泰君安君得明混合型集合资产管理计划
0.0 0.0 2024-12-30
集合资管
中国证券报
228 招商证券资产管理有限公司
招商资管智远成长混合型集合资产管理计划
0.0 0.0 2024-12-30
集合资管
中国证券报
228 中邮证券有限责任公司
中邮证券聚享1号集合资产管理计划
0.0 0.0 2024-12-30
集合资管
中国证券报
228 中信证券股份有限公司
中信证券卓越成长两年持有期混合型集合资产管理计划
0.0 0.0 2024-12-30
集合资管
中国证券报
228 广发证券资产管理（广东）有限公司
广发资管乾利一年持有期债券型集合资产管理计划
0.0 0.0 2024-12-30
集合资管
中国证券报
228 东证融汇证券资产管理有限公司
东证融汇鑫享稳健一年持有期债券型集合资产管理计划
0.0 0.0 2024-12-30
集合资管
中国证券报
228 长江证券（上海）资产管理有限公司
长江资管乐享一年持有期债券型集合资产管理计划
0.0 0.0 2024-12-30
集合资管
中国证券报
228 华泰证券（上海）资产管理有限公司
华泰紫金月月发短债债券型集合资产管理计划
0.0 0.0 2024-12-30
集合资管
中国证券报
228 国泰君安证券资产管理有限公司
国泰君安君得明混合型集合资产管理计划
0.0 0.0 2024-12-30
集合资管
中国证券报
228 招商证券资产管理有限公司
招商资管智远成长混合型集合资产管理计划
0.0 0.0 2024-12-30
集合资管
中国证券报
228 中邮证券有限责任公司
中邮证券聚享1号集合资产管理计划
0.0 0.0 2024-12-30
集合资管
中国证券报
228 中信证券股份有限公司
中信证券卓越成长两年持有期混合型集合资产管理计划
0.0 0.0 2024-12-30
集合资管
中国证券报
228 广发证券资产管理（广东）有限公司
广发资管乾利一年持有期债券型集合资产管理计划
0.0 0.0 2024-12-30
集合资管
中国证券报
228 东证融汇证券资产管理有限公司
东证融汇鑫享稳健一年持有期债券型集合资产管理计划
0.0 0.0 2024-12-30
集合资管
中国证券报
228 长江证券（上海）资产管理有限公司
长江资管乐享一年持有期债券型集合资产管理计划
0.0 0.0 2024-12-30
集合资管
中国证券报
228 华泰证券（上海）资产管理有限公司
华泰紫金月月发短债债券型集合资产管理计划
0.0 0.0 2024-12-30
集合资管
中国证券报
228 国泰君安证券资产管理有限公司
国泰君安君得明混合型集合资产管理计划
0.0 0.0 2024-12-30
集合资管
中国证券报
228 招商证券资产管理有限公司
招商资管智远成长混合型集合资产管理计划
0.0 0.0 2024-12-30
集合资管
中国证券报
228 中邮证券有限责任公司
中邮证券聚享1号集合资产管理计划
0.0 0.0 2024-12-30
集合资管
中国证券报
228 中信证券股份有限公司
中信证券卓越成长两年持有期混合型集合资产管理计划
0.0 0.0 2024-12-30
集合资管
中国证券报
228 广发证券资产管理（广东）有限公司
广发资管乾利一年持有期债券型集合资产管理计划
0.0 0.0 2024-12-30
集合资管
中国证券报
228 东证融汇证券资产管理有限公司
东证融汇鑫享稳健一年持有期债券型集合资产管理计划
0.0 0.0 2024-12-30
集合资管
中国证券报
228 长江证券（上海）资产管理有限公司
长江资管乐享一年持有期债券型集合资产管理计划
0.0 0.0 2024-12-30
集合资管
中国证券报
228 华泰证券（上海）资产管理有限公司
华泰紫金月月发短债债券型集合资产管理计划
0.0 0.0 2024-12-30
集合资管
中国证券报
228 国泰君安证券资产管理有限公司
国泰君安君得明混合型集合资产管理计划
0.0 0.0 2024-12-30
集合资管
中国证券报
228 招商证券资产管理有限公司
招商资管智远成长混合型集合资产管理计划
0.0 0.0 2024-12-30
集合资管
中国证券报
228 中邮证券有限责任公司
中邮证券聚享1号集合资产管理计划
0.0 0.0 2024-12-30
集合资管
中国证券报
228 中信证券股份有限公司
中信证券卓越成长两年持有期混合型集合资产管理计划
0.0 0.0 2024-12-30
集合资管
中国证券报
228 广发证券资产管理（广东）有限公司
广发资管乾利一年持有期债券型集合资产管理计划
0.0 0.0 2024-12-30
集合资管
中国证券报
228 东证融汇证券资产管理有限公司
东证融汇鑫享稳健一年持有期债券型集合资产管理计划
0.0 0.0 2024-12-30
集合资管
中国证券报
228 长江证券（上海）资产管理有限公司
长江资管乐享一年持有期债券型集合资产管理计划
0.0 0.0 2024-12-30
集合资管
中国证券报
228 华泰证券（上海）资产管理有限公司
华泰紫金月月发短债债券型集合资产管理计划
0.0 0.0 2024-12-30
集合资管
中国证券报
228 国泰君安证券资产管理有限公司
国泰君安君得明混合型集合资产管理计划
0.0 0.0 2024-12-30
集合资管
中国证券报
228 招商证券资产管理有限公司
招商资管智远成长混合型集合资产管理计划
0.0 0.0 2024-12-30
集合资管
中国证券报
228 中邮证券有限责任公司
中邮证券聚享1号集合资产管理计划
0.0 0.0 2024-12-30
集合资管
中国证券报
228 中信证券股份有限公司
中信证券卓越成长两年持有期混合型集合资产管理计划
0.0 0.0 2024-12-30
集合资管
中国证券报
228 广发证券资产管理（广东）有限公司
广发资管乾利一年持有期债券型集合资产管理计划
0.0 0.0 2024-12-30
集合资管
中国证券报
228 东证融汇证券资产管理有限公司
东证融汇鑫享稳健一年持有期债券型集合资产管理计划
0.0 0.0 2024-12-30
集合资管
中国证券报
228 长江证券（上海）资产管理有限公司
长江资管乐享一年持有期债券型集合资产管理计划
0.0 0.0 2024-12-30
集合资管
中国证券报
228 华泰证券（上海）资产管理有限公司
华泰紫金月月发短债债券型集合资产管理计划
0.0 0.0 2024-12-30
集合资管
中国证券报
228 国泰君安证券资产管理有限公司
国泰君安君得明混合型集合资产管理计划
0.0 0.0 2024-12-30
集合资管
中国证券报
228 招商证券资产管理有限公司
招商资管智远成长混合型集合资产管理计划
0.0 0.0 2024-12-30
集合资管
中国证券报
228 中邮证券有限责任公司
中邮证券聚享1号集合资产管理计划
0.0 0.0 2024-12-30
集合资管
中国证券报
228 中信证券股份有限公司
中信证券卓越成长两年持有期混合型集合资产管理计划
0.0 0.0 2024-12-30
集合资管
中国证券报
228 广发证券资产管理（广东）有限公司
广发资管乾利一年持有期债券型集合资产管理计划
0.0 0.0 2024-12-30
集合资管
中国证券报
228 东证融汇证券资产管理有限公司
东证融汇鑫享稳健一年持有期债券型集合资产管理计划
0.0 0.0 2024-12-30
集合资管
中国证券报
228 长江证券（上海）资产管理有限公司
长江资管乐享一年持有期债券型集合资产管理计划
0.0 0.0 2024-12-30
集合资管
中国证券报
228 华泰证券（上海）资产管理有限公司
华泰紫金月月发短债债券型集合资产管理计划
0.0 0.0 2024-12-30
集合资管
中国证券报
228 国泰君安证券资产管理有限公司
国泰君安君得明混合型集合资产管理计划
0.0 0.0 2024-12-30
集合资管
中国证券报
228 招商证券资产管理有限公司
招商资管智远成长混合型集合资产管理计划
0.0 0.0 2024-12-30
集合资管
中国证券报
228 中邮证券有限责任公司
中邮证券聚享1号集合资产管理计划
0.0 0.0 2024-12-30
集合资管
中国证券报
228 中信证券股份有限公司
中信证券卓越成长两年持有期混合型集合资产管理计划
0.0 0.0 2024-12-30
集合资管
中国证券报
228 广发证券资产管理（广东）有限公司
广发资管乾利一年持有期债券型集合资产管理计划
0.0 0.0 2024-12-30
集合资管
中国证券报
228 东证融汇证券资产管理有限公司
东证融汇鑫享稳健一年持有期债券型集合资产管理计划
0.0 0.0 2024-12-30
集合资管
中国证券报
228 长江证券（上海）资产管理有限公司
长江资管乐享一年持有期债券型集合资产管理计划
0.0 0.0 2024-12-30
集合资管
中国证券报
228 华泰证券（上海）资产管理有限公司
华泰紫金月月发短债债券型集合资产管理计划
0.0 0.0 2024-12-30
集合资管
中国证券报
228 国泰君安证券资产管理有限公司
国泰君安君得明混合型集合资产管理计划
0.0 0.0 2024-12-30
集合资管
中国证券报
228 招商证券资产管理有限公司
招商资管智远成长混合型集合资产管理计划
0.0 0.0 2024-12-30
集合资管
中国证券报
228 中邮证券有限责任公司
中邮证券聚享1号集合资产管理计划
0.0 0.0 2024-12-30
集合资管
中国证券报
228 中信证券股份有限公司
中信证券卓越成长两年持有期混合型集合资产管理计划
0.0 0.0 2024-12-30
集合资管
中国证券报
228 广发证券资产管理（广东）有限公司
广发资管乾利一年持有期债券型集合资产管理计划
0.0 0.0 2024-12-30
集合资管
中国证券报
228 东证融汇证券资产管理有限公司
东证融汇鑫享稳健一年持有期债券型集合资产管理计划
0.0 0.0 2024-12-30
集合资管
中国证券报
228 长江证券（上海）资产管理有限公司
长江资管乐享一年持有期债券型集合资产管理计划
0.0 0.0 2024-12-30
集合资管
中国证券报
228 华泰证券（上海）资产管理有限公司
华泰紫金月月发短债债券型集合资产管理计划
0.0 0.0 2024-12-30
集合资管
中国证券报
228 国泰君安证券资产管理有限公司
国泰君安君得明混合型集合资产管理计划
0.0 0.0 2024-12-30
集合资管
中国证券报
228 招商证券资产管理有限公司
招商资管智远成长混合型集合资产管理计划
0.0 0.0 2024-12-30
集合资管
中国证券报
228 中邮证券有限责任公司
中邮证券聚享1号集合资产管理计划
0.0 0.0 2024-12-30
集合资管
中国证券报
228 中信证券股份有限公司
中信证券卓越成长两年持有期混合型集合资产管理计划
0.0 0.0 2024-12-30
集合资管
中国证券报
228 广发证券资产管理（广东）有限公司
广发资管乾利一年持有期债券型集合资产管理计划
0.0 0.0 2024-12-30
集合资管
中国证券报
228 东证融汇证券资产管理有限公司
东证融汇鑫享稳健一年持有期债券型集合资产管理计划
0.0 0.0 2024-12-30
集合资管
中国证券报
228 长江证券（上海）资产管理有限公司
长江资管乐享一年持有期债券型集合资产管理计划
0.0 0.0 2024-12-30
集合资管
中国证券报
228 华泰证券（上海）资产管理有限公司
华泰紫金月月发短债债券型集合资产管理计划
0.0 0.0 2024-12-30
集合资管
中国证券报
228 国泰君安证券资产管理有限公司
国泰君安君得明混合型集合资产管理计划
0.0 0.0 2024-12-30
集合资管
中国证券报
228 招商证券资产管理有限公司
招商资管智远成长混合型集合资产管理计划
0.0 0.0 2024-12-30
集合资管
中国证券报
228 中邮证券有限责任公司
中邮证券聚享1号集合资产管理计划
0.0 0.0 2024-12-30
集合资管
中国证券报
228 中信证券股份有限公司
中信证券卓越成长两年持有期混合型集合资产管理计划
0.0 0.0 2024-12-30
集合资管
中国证券报
228 广发证券资产管理（广东）有限公司
广发资管乾利一年持有期债券型集合资产管理计划
0.0 0.0 2024-12-30
集合资管
中国证券报
228 东证融汇证券资产管理有限公司
东证融汇鑫享稳健一年持有期债券型集合资产管理计划
0.0 0.0 2024-12-30
集合资管
中国证券报
228 长江证券（上海）资产管理有限公司
长江资管乐享一年持有期债券型集合资产管理计划
0.0 0.0 2024-12-30
集合资管
中国证券报
228 华泰证券（上海）资产管理有限公司
华泰紫金月月发短债债券型集合资产管理计划
0.0 0.0 2024-12-30
集合资管
中国证券报
228 国泰君安证券资产管理有限公司
国泰君安君得明混合型集合资产管理计划
0.0 0.0 2024-12-30
集合资管
中国证券报
228 招商证券资产管理有限公司
招商资管智远成长混合型集合资产管理计划
0.0 0.0 2024-12-30
集合资管
中国证券报
228 中邮证券有限责任公司
中邮证券聚享1号集合资产管理计划
0.0 0.0 2024-12-30
集合资管
中国证券报
228 中信证券股份有限公司
中信证券卓越成长两年持有期混合型集合资产管理计划
0.0 0.0 2024-12-30
集合资管
中国证券报
228 广发证券资产管理（广东）有限公司
广发资管乾利一年持有期债券型集合资产管理计划
0.0 0.0 2024-12-30
集合资管
中国证券报
228 东证融汇证券资产管理有限公司
东证融汇鑫享稳健一年持有期债券型集合资产管理计划
0.0 0.0 2024-12-30
集合资管
中国证券报
228 长江证券（上海）资产管理有限公司
长江资管乐享一年持有期债券型集合资产管理计划
0.0 0.0 2024-12-30
集合资管
中国证券报
228 华泰证券（上海）资产管理有限公司
华泰紫金月月发短债债券型集合资产管理计划
0.0 0.0 2024-12-30
集合资管
中国证券报
228 国泰君安证券资产管理有限公司
国泰君安君得明混合型集合资产管理计划
0.0 0.0 2024-12-30
集合资管
中国证券报
228 招商证券资产管理有限公司
招商资管智远成长混合型集合资产管理计划
0.0 0.0 2024-12-30
集合资管
中国证券报
228 中邮证券有限责任公司
中邮证券聚享1号集合资产管理计划
0.0 0.0 2024-12-30
集合资管
中国证券报
228 中信证券股份有限公司
中信证券卓越成长两年持有期混合型集合资产管理计划
0.0 0.0 2024-12-30
集合资管
中国证券报
228 广发证券资产管理（广东）有限公司
广发资管乾利一年持有期债券型集合资产管理计划
0.0 0.0 2024-12-30
集合资管
中国证券报
228 东证融汇证券资产管理有限公司
东证融汇鑫享稳健一年持有期债券型集合资产管理计划
0.0 0.0 2024-12-30
集合资管
中国证券报
228 长江证券（上海）资产管理有限公司
长江资管乐享一年持有期债券型集合资产管理计划
0.0 0.0 2024-12-30
集合资管
中国证券报
228 华泰证券（上海）资产管理有限公司
华泰紫金月月发短债债券型集合资产管理计划
0.0 0.0 2024-12-30
集合资管
中国证券报
228 国泰君安证券资产管理有限公司
国泰君安君得明混合型集合资产管理计划
0.0 0.0 2024-12-30
集合资管
中国证券报
228 招商证券资产管理有限公司
招商资管智远成长混合型集合资产管理计划
0.0 0.0 2024-12-30
集合资管
中国证券报
228 中邮证券有限责任公司
中邮证券聚享1号集合资产管理计划
0.0 0.0 2024-12-30
集合资管
中国证券报
228 中信证券股份有限公司
中信证券卓越成长两年持有期混合型集合资产管理计划
0.0 0.0 2024-12-30
集合资管
中国证券报
228 广发证券资产管理（广东）有限公司
广发资管乾利一年持有期债券型集合资产管理计划
0.0 0.0 2024-12-30
集合资管
中国证券报
228 东证融汇证券资产管理有限公司
东证融汇鑫享稳健一年持有期债券型集合资产管理计划
0.0 0.0 2024-12-30
集合资管
中国证券报
228 长江证券（上海）资产管理有限公司
长江资管乐享一年持有期债券型集合资产管理计划
0.0 0.0 2024-12-30
集合资管
中国证券报
228 华泰证券（上海）资产管理有限公司
华泰紫金月月发短债债券型集合资产管理计划
0.0 0.0 2024-12-30
集合资管
中国证券报
228 国泰君安证券资产管理有限公司
国泰君安君得明混合型集合资产管理计划
0.0 0.0 2024-12-30
集合资管
中国证券报
228 招商证券资产管理有限公司
招商资管智远成长混合型集合资产管理计划
0.0 0.0 2024-12-30
集合资管
中国证券报
228 中邮证券有限责任公司
中邮证券聚享1号集合资产管理计划
0.0 0.0 2024-12-30
集合资管
中国证券报
228 中信证券股份有限公司
中信证券卓越成长两年持有期混合型集合资产管理计划
0.0 0.0 2024-12-30
集合资管
中国证券报
228 广发证券资产管理（广东）有限公司
广发资管乾利一年持有期债券型集合资产管理计划
0.0 0.0 2024-12-30
集合资管
中国证券报
228 东证融汇证券资产管理有限公司
东证融汇鑫享稳健一年持有期债券型集合资产管理计划
0.0 0.0 2024-12-30
集合资管
中国证券报
228 长江证券（上海）资产管理有限公司
长江资管乐享一年持有期债券型集合资产管理计划
0.0 0.0 2024-12-30
集合资管
中国证券报
228 华泰证券（上海）资产管理有限公司
华泰紫金月月发短债债券型集合资产管理计划
0.0 0.0 2024-12-30
集合资管
中国证券报
228 国泰君安证券资产管理有限公司
国泰君安君得明混合型集合资产管理计划
0.0 0.0 2024-12-30
集合资管
中国证券报
228 招商证券资产管理有限公司
招商资管智远成长混合型集合资产管理计划
0.0 0.0 2024-12-30
集合资管
中国证券报
228 中邮证券有限责任公司
中邮证券聚享1号集合资产管理计划
0.0 0.0 2024-12-30
集合资管
中国证券报
228 中信证券股份有限公司
中信证券卓越成长两年持有期混合型集合资产管理计划
0.0 0.0 2024-12-30
集合资管
中国证券报
228 广发证券资产管理（广东）有限公司
广发资管乾利一年持有期债券型集合资产管理计划
0.0 0.0 2024-12-30
集合资管
中国证券报
228 东证融汇证券资产管理有限公司
东证融汇鑫享稳健一年持有期债券型集合资产管理计划
0.0 0.0 2024-12-30
集合资管
中国证券报
228 长江证券（上海）资产管理有限公司
长江资管乐享一年持有期债券型集合资产管理计划
0.0 0.0 2024-12-30
集合资管
中国证券报
228 华泰证券（上海）资产管理有限公司
华泰紫金月月发短债债券型集合资产管理计划
0.0 0.0 2024-12-30
集合资管
中国证券报
228 国泰君安证券资产管理有限公司
国泰君安君得明混合型集合资产管理计划
0.0 0.0 2024-12-30
集合资管
中国证券报
228 招商证券资产管理有限公司
招商资管智远成长混合型集合资产管理计划
0.0 0.0 2024-12-30
集合资管
中国证券报
228 中邮证券有限责任公司
中邮证券聚享1号集合资产管理计划
0.0 0.0 2024-12-30
集合资管
中国证券报
228 中信证券股份有限公司
中信证券卓越成长两年持有期混合型集合资产管理计划
0.0 0.0 2024-12-30
集合资管
中国证券报
228 广发证券资产管理（广东）有限公司
广发资管乾利一年持有期债券型集合资产管理计划
0.0 0.0 2024-12-30
集合资管
中国证券报
228 东证融汇证券资产管理有限公司
东证融汇鑫享稳健一年持有期债券型集合资产管理计划
0.0 0.0 2024-12-30
集合资管
中国证券报
228 长江证券（上海）资产管理有限公司
长江资管乐享一年持有期债券型集合资产管理计划
0.0 0.0 2024-12-30
集合资管
中国证券报
228 华泰证券（上海）资产管理有限公司
华泰紫金月月发短债债券型集合资产管理计划
0.0 0.0 2024-12-30
集合资管
中国证券报
228 国泰君安证券资产管理有限公司
国泰君安君得明混合型集合资产管理计划
0.0 0.0 2024-12-30
集合资管
中国证券报
228 招商证券资产管理有限公司
招商资管智远成长混合型集合资产管理计划
0.0 0.0 2024-12-30
集合资管
中国证券报
228 中邮证券有限责任公司
中邮证券聚享1号集合资产管理计划
0.0 0.0 2024-12-30
集合资管
中国证券报
228 中信证券股份有限公司
中信证券卓越成长两年持有期混合型集合资产管理计划
0.0 0.0 2024-12-30
集合资管
中国证券报
228 广发证券资产管理（广东）有限公司
广发资管乾利一年持有期债券型集合资产管理计划
0.0 0.0 2024-12-30
集合资管
中国证券报
228 东证融汇证券资产管理有限公司
东证融汇鑫享稳健一年持有期债券型集合资产管理计划
0.0 0.0 2024-12-30
集合资管
中国证券报
228 长江证券（上海）资产管理有限公司
长江资管乐享一年持有期债券型集合资产管理计划
0.0 0.0 2024-12-30
集合资管
中国证券报
228 华泰证券（上海）资产管理有限公司
华泰紫金月月发短债债券型集合资产管理计划
0.0 0.0 2024-12-30
集合资管
中国证券报
228 国泰君安证券资产管理有限公司
国泰君安君得明混合型集合资产管理计划
0.0 0.0 2024-12-30
集合资管
中国证券报
228 招商证券资产管理有限公司
招商资管智远成长混合型集合资产管理计划
0.0 0.0 2024-12-30
集合资管
中国证券报
228 中邮证券有限责任公司
中邮证券聚享1号集合资产管理计划
0.0 0.0 2024-12-30
集合资管
中国证券报
228 中信证券股份有限公司
中信证券卓越成长两年持有期混合型集合资产管理计划
0.0 0.0 2024-12-30
集合资管
中国证券报
228 广发证券资产管理（广东）有限公司
广发资管乾利一年持有期债券型集合资产管理计划
0.0 0.0 2024-12-30
集合资管
中国证券报
228 东证融汇证券资产管理有限公司
东证融汇鑫享稳健一年持有期债券型集合资产管理计划
0.0 0.0 2024-12-30
集合资管
中国证券报
228 长江证券（上海）资产管理有限公司
长江资管乐享一年持有期债券型集合资产管理计划
0.0 0.0 2024-12-30
集合资管
中国证券报
228 华泰证券（上海）资产管理有限公司
华泰紫金月月发短债债券型集合资产管理计划
0.0 0.0 2024-12-30
集合资管
中国证券报
228 国泰君安证券资产管理有限公司
国泰君安君得明混合型集合资产管理计划
0.0 0.0 2024-12-30
集合资管
中国证券报
228 招商证券资产管理有限公司
招商资管智远成长混合型集合资产管理计划
0.0 0.0 2024-12-30
集合资管
中国证券报
228 中邮证券有限责任公司
中邮证券聚享1号集合资产管理计划
0.0 0.0 2024-12-30
集合资管
中国证券报
228 中信证券股份有限公司
中信证券卓越成长两年持有期混合型集合资产管理计划
0.0 0.0 2024-12-30
集合资管
中国证券报
228 广发证券资产管理（广东）有限公司
广发资管乾利一年持有期债券型集合资产管理计划
0.0 0.0 2024-12-30
集合资管
中国证券报
228 东证融汇证券资产管理有限公司
东证融汇鑫享稳健一年持有期债券型集合资产管理计划
0.0 0.0 2024-12-30
集合资管
中国证券报
228 长江证券（上海）资产管理有限公司
长江资管乐享一年持有期债券型集合资产管理计划
0.0 0.0 2024-12-30
集合资管
中国证券报
228 华泰证券（上海）资产管理有限公司
华泰紫金月月发短债债券型集合资产管理计划
0.0 0.0 2024-12-30
集合资管
中国证券报
228 国泰君安证券资产管理有限公司
国泰君安君得明混合型集合资产管理计划
0.0 0.0 2024-12-30
集合资管
中国证券报
228 招商证券资产管理有限公司
招商资管智远成长混合型集合资产管理计划
0.0 0.0 2024-12-30
集合资管
中国证券报
228 中邮证券有限责任公司
中邮证券聚享1号集合资产管理计划
0.0 0.0 2024-12-30
集合资管
中国证券报
228 中信证券股份有限公司
中信证券卓越成长两年持有期混合型集合资产管理计划
0.0 0.0 2024-12-30
集合资管
中国证券报
228 广发证券资产管理（广东）有限公司
广发资管乾利一年持有期债券型集合资产管理计划
0.0 0.0 2024-12-30
集合资管
中国证券报
228 东证融汇证券资产管理有限公司
东证融汇鑫享稳健一年持有期债券型集合资产管理计划
0.0 0.0 2024-12-30
集合资管
中国证券报
228 长江证券（上海）资产管理有限公司
长江资管乐享一年持有期债券型集合资产管理计划
0.0 0.0 2024-12-30
集合资管
中国证券报
228 华泰证券（上海）资产管理有限公司
华泰紫金月月发短债债券型集合资产管理计划
0.0 0.0 2024-12-30
集合资管
中国证券报
228 国泰君安证券资产管理有限公司
国泰君安君得明混合型集合资产管理计划
0.0 0.0 2024-12-30
集合资管
中国证券报
228 招商证券资产管理有限公司
招商资管智远成长混合型集合资产管理计划
0.0 0.0 2024-12-30
集合资管
中国证券报
228 中邮证券有限责任公司
中邮证券聚享1号集合资产管理计划
0.0 0.0 2024-12-30
集合资管
中国证券报
228 中信证券股份有限公司
中信证券卓越成长两年持有期混合型集合资产管理计划
0.0 0.0 2024-12-30
集合资管
中国证券报
228 广发证券资产管理（广东）有限公司
广发资管乾利一年持有期债券型集合资产管理计划
0.0 0.0 2024-12-30
集合资管
中国证券报
228 东证融汇证券资产管理有限公司
东证融汇鑫享稳健一年持有期债券型集合资产管理计划
0.0 0.0 2024-12-30
集合资管
中国证券报
228 长江证券（上海）资产管理有限公司
长江资管乐享一年持有期债券型集合资产管理计划
0.0 0.0 2024-12-30
集合资管
中国证券报
228 华泰证券（上海）资产管理有限公司
华泰紫金月月发短债债券型集合资产管理计划
0.0 0.0 2024-12-30
集合资管
中国证券报
228 国泰君安证券资产管理有限公司
国泰君安君得明混合型集合资产管理计划
0.0 0.0 2024-12-30
集合资管
中国证券报
228 招商证券资产管理有限公司
招商资管智远成长混合型集合资产管理计划
0.0 0.0 2024-12-30
集合资管
中国证券报
228 中邮证券有限责任公司
中邮证券聚享1号集合资产管理计划
0.0 0.0 2024-12-30
集合资管
中国证券报
228 中信证券股份有限公司
中信证券卓越成长两年持有期混合型集合资产管理计划
0.0 0.0 2024-12-30
集合资管
中国证券报
228 广发证券资产管理（广东）有限公司
广发资管乾利一年持有期债券型集合资产管理计划
0.0 0.0 2024-12-30
集合资管
中国证券报
228 东证融汇证券资产管理有限公司
东证融汇鑫享稳健一年持有期债券型集合资产管理计划
0.0 0.0 2024-12-30
集合资管
中国证券报
228 长江证券（上海）资产管理有限公司
长江资管乐享一年持有期债券型集合资产管理计划
0.0 0.0 2024-12-30
集合资管
中国证券报
228 华泰证券（上海）资产管理有限公司
华泰紫金月月发短债债券型集合资产管理计划
0.0 0.0 2024-12-30
集合资管
中国证券报
228 国泰君安证券资产管理有限公司
国泰君安君得明混合型集合资产管理计划
0.0 0.0 2024-12-30
集合资管
中国证券报
228 招商证券资产管理有限公司
招商资管智远成长混合型集合资产管理计划
0.0 0.0 2024-12-30
集合资管
中国证券报
228 中邮证券有限责任公司
中邮证券聚享1号集合资产管理计划
0.0 0.0 2024-12-30
集合资管
中国证券报
228 中信证券股份有限公司
中信证券卓越成长两年持有期混合型集合资产管理计划
0.0 0.0 2024-12-30
集合资管
中国证券报
228 广发证券资产管理（广东）有限公司
广发资管乾利一年持有期债券型集合资产管理计划
0.0 0.0 2024-12-30
集合资管
中国证券报
228 东证融汇证券资产管理有限公司
东证融汇鑫享稳健一年持有期债券型集合资产管理计划
0.0 0.0 2024-12-30
集合资管
中国证券报
228 长江证券（上海）资产管理有限公司
长江资管乐享一年持有期债券型集合资产管理计划
0.0 0.0 2024-12-30
集合资管
中国证券报
228 华泰证券（上海）资产管理有限公司
华泰紫金月月发短债债券型集合资产管理计划
0.0 0.0 2024-12-30
集合资管
中国证券报
228 国泰君安证券资产管理有限公司
国泰君安君得明混合型集合资产管理计划
0.0 0.0 2024-12-30
集合资管
中国证券报
228 招商证券资产管理有限公司
招商资管智远成长混合型集合资产管理计划
0.0 0.0 2024-12-30
集合资管
中国证券报
228 中邮证券有限责任公司
中邮证券聚享1号集合资产管理计划
0.0 0.0 2024-12-30
集合资管
中国证券报
228 中信证券股份有限公司
中信证券卓越成长两年持有期混合型集合资产管理计划
0.0 0.0 2024-12-30
集合资管
中国证券报
228 广发证券资产管理（广东）有限公司
广发资管乾利一年持有期债券型集合资产管理计划
0.0 0.0 2024-12-30
集合资管
中国证券报
228 东证融汇证券资产管理有限公司
东证融汇鑫享稳健一年持有期债券型集合资产管理计划
0.0 0.0 2024-12-30
集合资管
中国证券报
228 长江证券（上海）资产管理有限公司
长江资管乐享一年持有期债券型集合资产管理计划
0.0 0.0 2024-12-30
集合资管
中国证券报
228 华泰证券（上海）资产管理有限公司
华泰紫金月月发短债债券型集合资产管理计划
0.0 0.0 2024-12-30
集合资管
中国证券报
228 国泰君安证券资产管理有限公司
国泰君安君得明混合型集合资产管理计划
0.0 0.0 2024-12-30
集合资管
中国证券报
228 招商证券资产管理有限公司
招商资管智远成长混合型集合资产管理计划
0.0 0.0 2024-12-30
集合资管
中国证券报
228 中邮证券有限责任公司
中邮证券聚享1号集合资产管理计划
0.0 0.0 2024-12-30
集合资管
中国证券报
228 中信证券股份有限公司
中信证券卓越成长两年持有期混合型集合资产管理计划
0.0 0.0 2024-12-30
集合资管
中国证券报
228 广发证券资产管理（广东）有限公司
广发资管乾利一年持有期债券型集合资产管理计划
0.0 0.0 2024-12-30
集合资管
中国证券报
228 东证融汇证券资产管理有限公司
东证融汇鑫享稳健一年持有期债券型集合资产管理计划
0.0 0.0 2024-12-30
集合资管
中国证券报
228 长江证券（上海）资产管理有限公司
长江资管乐享一年持有期债券型集合资产管理计划
0.0 0.0 2024-12-30
集合资管
中国证券报
228 华泰证券（上海）资产管理有限公司
华泰紫金月月发短债债券型集合资产管理计划
0.0 0.0 2024-12-30
集合资管
中国证券报
228 国泰君安证券资产管理有限公司
国泰君安君得明混合型集合资产管理计划
0.0 0.0 2024-12-30
集合资管
中国证券报
228 招商证券资产管理有限公司
招商资管智远成长混合型集合资产管理计划
0.0 0.0 2024-12-30
集合资管
中国证券报
228 中邮证券有限责任公司
中邮证券聚享1号集合资产管理计划
0.0 0.0 2024-12-30
集合资管
中国证券报
228 中信证券股份有限公司
中信证券卓越成长两年持有期混合型集合资产管理计划
0.0 0.0 2024-12-30
集合资管
中国证券报
228 广发证券资产管理（广东）有限公司
广发资管乾利一年持有期债券型集合资产管理计划
0.0 0.0 2024-12-30
集合资管
中国证券报
228 东证融汇证券资产管理有限公司
东证融汇鑫享稳健一年持有期债券型集合资产管理计划
0.0 0.0 2024-12-30
集合资管
中国证券报
228 长江证券（上海）资产管理有限公司
长江资管乐享一年持有期债券型集合资产管理计划
0.0 0.0 2024-12-30
集合资管
中国证券报
228 华泰证券（上海）资产管理有限公司
华泰紫金月月发短债债券型集合资产管理计划
0.0 0.0 2024-12-30
集合资管
中国证券报
228 国泰君安证券资产管理有限公司
国泰君安君得明混合型集合资产管理计划
0.0 0.0 2024-12-30
集合资管
中国证券报
228 招商证券资产管理有限公司
招商资管智远成长混合型集合资产管理计划
0.0 0.0 2024-12-30
集合资管
中国证券报
228 中邮证券有限责任公司
中邮证券聚享1号集合资产管理计划
0.0 0.0 2024-12-30
集合资管
中国证券报
228 中信证券股份有限公司
中信证券卓越成长两年持有期混合型集合资产管理计划
0.0 0.0 2024-12-30
集合资管
中国证券报
228 广发证券资产管理（广东）有限公司
广发资管乾利一年持有期债券型集合资产管理计划
0.0 0.0 2024-12-30
集合资管
中国证券报
228 东证融汇证券资产管理有限公司
东证融汇鑫享稳健一年持有期债券型集合资产管理计划
0.0 0.0 2024-12-30
集合资管
中国证券报
228 长江证券（上海）资产管理有限公司
长江资管乐享一年持有期债券型集合资产管理计划
0.0 0.0 2024-12-30
集合资管
中国证券报
228 华泰证券（上海）资产管理有限公司
华泰紫金月月发短债债券型集合资产管理计划
0.0 0.0 2024-12-30
集合资管
中国证券报
228 国泰君安证券资产管理有限公司
国泰君安君得明混合型集合资产管理计划
0.0 0.0 2024-12-30
集合资管
中国证券报
228 招商证券资产管理有限公司
招商资管智远成长混合型集合资产管理计划
0.0 0.0 2024-12-30
集合资管
中国证券报
228 中邮证券有限责任公司
中邮证券聚享1号集合资产管理计划
0.0 0.0 2024-12-30
集合资管
中国证券报
228 中信证券股份有限公司
中信证券卓越成长两年持有期混合型集合资产管理计划
0.0 0.0 2024-12-30
集合资管
中国证券报
228 广发证券资产管理（广东）有限公司
广发资管乾利一年持有期债券型集合资产管理计划
0.0 0.0 2024-12-30
集合资管
中国证券报
228 东证融汇证券资产管理有限公司
东证融汇鑫享稳健一年持有期债券型集合资产管理计划
0.0 0.0 2024-12-30
集合资管
中国证券报
228 长江证券（上海）资产管理有限公司
长江资管乐享一年持有期债券型集合资产管理计划
0.0 0.0 2024-12-30
集合资管
中国证券报
228 华泰证券（上海）资产管理有限公司
华泰紫金月月发短债债券型集合资产管理计划
0.0 0.0 2024-12-30
集合资管
中国证券报
228 国泰君安证券资产管理有限公司
国泰君安君得明混合型集合资产管理计划
0.0 0.0 2024-12-30
集合资管
中国证券报
228 招商证券资产管理有限公司
招商资管智远成长混合型集合资产管理计划
0.0 0.0 2024-12-30
集合资管
中国证券报
228 中邮证券有限责任公司
中邮证券聚享1号集合资产管理计划
0.0 0.0 2024-12-30
集合资管
中国证券报
228 中信证券股份有限公司
中信证券卓越成长两年持有期混合型集合资产管理计划
0.0 0.0 2024-12-30
集合资管
中国证券报
228 广发证券资产管理（广东）有限公司
广发资管乾利一年持有期债券型集合资产管理计划
0.0 0.0 2024-12-30
集合资管
中国证券报
228 东证融汇证券资产管理有限公司
东证融汇鑫享稳健一年持有期债券型集合资产管理计划
0.0 0.0 2024-12-30
集合资管
中国证券报
228 长江证券（上海）资产管理有限公司
长江资管乐享一年持有期债券型集合资产管理计划
0.0 0.0 2024-12-30
集合资管
中国证券报
228 华泰证券（上海）资产管理有限公司
华泰紫金月月发短债债券型集合资产管理计划
0.0 0.0 2024-12-30
集合资管
中国证券报
228 国泰君安证券资产管理有限公司
国泰君安君得明混合型集合资产管理计划
0.0 0.0 2024-12-30
集合资管
中国证券报
228 招商证券资产管理有限公司
招商资管智远成长混合型集合资产管理计划
0.0 0.0 2024-12-30
集合资管
中国证券报
228 中邮证券有限责任公司
中邮证券聚享1号集合资产管理计划
0.0 0.0 2024-12-30
集合资管
中国证券报
228 中信证券股份有限公司
中信证券卓越成长两年持有期混合型集合资产管理计划
0.0 0.0 2024-12-30
集合资管
中国证券报
228 广发证券资产管理（广东）有限公司
广发资管乾利一年持有期债券型集合资产管理计划
0.0 0.0 2024-12-30
集合资管
中国证券报
228 东证融汇证券资产管理有限公司
东证融汇鑫享稳健一年持有期债券型集合资产管理计划
0.0 0.0 2024-12-30
集合资管
中国证券报
228 长江证券（上海）资产管理有限公司
长江资管乐享一年持有期债券型集合资产管理计划
0.0 0.0 2024-12-30
集合资管
中国证券报
228 华泰证券（上海）资产管理有限公司
华泰紫金月月发短债债券型集合资产管理计划
0.0 0.0 2024-12-30
集合资管
中国证券报
228 国泰君安证券资产管理有限公司
国泰君安君得明混合型集合资产管理计划
0.0 0.0 2024-12-30
集合资管
中国证券报
228 招商证券资产管理有限公司
招商资管智远成长混合型集合资产管理计划
0.0 0.0 2024-12-30
集合资管
中国证券报
228 中邮证券有限责任公司
中邮证券聚享1号集合资产管理计划
0.0 0.0 2024-12-30
集合资管
中国证券报
228 中信证券股份有限公司
中信证券卓越成长两年持有期混合型集合资产管理计划
0.0 0.0 2024-12-30
集合资管
中国证券报
228 广发证券资产管理（广东）有限公司
广发资管乾利一年持有期债券型集合资产管理计划
0.0 0.0 2024-12-30
集合资管
中国证券报
228 东证融汇证券资产管理有限公司
东证融汇鑫享稳健一年持有期债券型集合资产管理计划
0.0 0.0 2024-12-30
集合资管
中国证券报
228 长江证券（上海）资产管理有限公司
长江资管乐享一年持有期债券型集合资产管理计划
0.0 0.0 2024-12-30
集合资管
中国证券报
228 华泰证券（上海）资产管理有限公司
华泰紫金月月发短债债券型集合资产管理计划
0.0 0.0 2024-12-30
集合资管
中国证券报
228 国泰君安证券资产管理有限公司
国泰君安君得明混合型集合资产管理计划
0.0 0.0 2024-12-30
集合资管
中国证券报
228 招商证券资产管理有限公司
招商资管智远成长混合型集合资产管理计划
0.0 0.0 2024-12-30
集合资管
中国证券报
228 中邮证券有限责任公司
中邮证券聚享1号集合资产管理计划
0.0 0.0 2024-12-30
集合资管
中国证券报
228 中信证券股份有限公司
中信证券卓越成长两年持有期混合型集合资产管理计划
0.0 0.0 2024-12-30
集合资管
中国证券报
228 广发证券资产管理（广东）有限公司
广发资管乾利一年持有期债券型集合资产管理计划
0.0 0.0 2024-12-30
集合资管
中国证券报
228 东证融汇证券资产管理有限公司
东证融汇鑫享稳健一年持有期债券型集合资产管理计划
0.0 0.0 2024-12-30
集合资管
中国证券报
228 长江证券（上海）资产管理有限公司
长江资管乐享一年持有期债券型集合资产管理计划
0.0 0.0 2024-12-30
集合资管
中国证券报
228 华泰证券（上海）资产管理有限公司
华泰紫金月月发短债债券型集合资产管理计划
0.0 0.0 2024-12-30
集合资管
中国证券报
228 国泰君安证券资产管理有限公司
国泰君安君得明混合型集合资产管理计划
0.0 0.0 2024-12-30
集合资管
中国证券报
228 招商证券资产管理有限公司
招商资管智远成长混合型集合资产管理计划
0.0 0.0 2024-12-30
集合资管
中国证券报
228 中邮证券有限责任公司
中邮证券聚享1号集合资产管理计划
0.0 0.0 2024-12-30
集合资管
中国证券报
228 中信证券股份有限公司
中信证券卓越成长两年持有期混合型集合资产管理计划
0.0 0.0 2024-12-30
集合资管
中国证券报
228 广发证券资产管理（广东）有限公司
广发资管乾利一年持有期债券型集合资产管理计划
0.0 0.0 2024-12-30
集合资管
中国证券报
228 东证融汇证券资产管理有限公司
东证融汇鑫享稳健一年持有期债券型集合资产管理计划
0.0 0.0 2024-12-30
集合资管
中国证券报
228 长江证券（上海）资产管理有限公司
长江资管乐享一年持有期债券型集合资产管理计划
0.0 0.0 2024-12-30
集合资管
中国证券报
228 华泰证券（上海）资产管理有限公司
华泰紫金月月发短债债券型集合资产管理计划
0.0 0.0 2024-12-30
集合资管
中国证券报
228 国泰君安证券资产管理有限公司
国泰君安君得明混合型集合资产管理计划
0.0 0.0 2024-12-30
集合资管
中国证券报
228 招商证券资产管理有限公司
招商资管智远成长混合型集合资产管理计划
0.0 0.0 2024-12-30
集合资管
中国证券报
228 中邮证券有限责任公司
中邮证券聚享1号集合资产管理计划
0.0 0.0 2024-12-30
集合资管
中国证券报
228 中信证券股份有限公司
中信证券卓越成长两年持有期混合型集合资产管理计划
0.0 0.0 2024-12-30
集合资管
中国证券报
228 广发证券资产管理（广东）有限公司
广发资管乾利一年持有期债券型集合资产管理计划
0.0 0.0 2024-12-30
集合资管
中国证券报
228 东证融汇证券资产管理有限公司
东证融汇鑫享稳健一年持有期债券型集合资产管理计划
0.0 0.0 2024-12-30
集合资管
中国证券报
228 长江证券（上海）资产管理有限公司
长江资管乐享一年持有期债券型集合资产管理计划
0.0 0.0 2024-12-30
集合资管
中国证券报
228 华泰证券（上海）资产管理有限公司
华泰紫金月月发短债债券型集合资产管理计划
0.0 0.0 2024-12-30
集合资管
中国证券报
228 国泰君安证券资产管理有限公司
国泰君安君得明混合型集合资产管理计划
0.0 0.0 2024-12-30
集合资管
中国证券报
228 招商证券资产管理有限公司
招商资管智远成长混合型集合资产管理计划
0.0 0.0 2024-12-30
集合资管
中国证券报
228 中邮证券有限责任公司
中邮证券聚享1号集合资产管理计划
0.0 0.0 2024-12-30
集合资管
中国证券报
228 中信证券股份有限公司
中信证券卓越成长两年持有期混合型集合资产管理计划
0.0 0.0 2024-12-30
集合资管
中国证券报
228 广发证券资产管理（广东）有限公司
广发资管乾利一年持有期债券型集合资产管理计划
0.0 0.0 2024-12-30
集合资管
中国证券报
228 东证融汇证券资产管理有限公司
东证融汇鑫享稳健一年持有期债券型集合资产管理计划
0.0 0.0 2024-12-30
集合资管
中国证券报
228 长江证券（上海）资产管理有限公司
长江资管乐享一年持有期债券型集合资产管理计划
0.0 0.0 2024-12-30
集合资管
中国证券报
